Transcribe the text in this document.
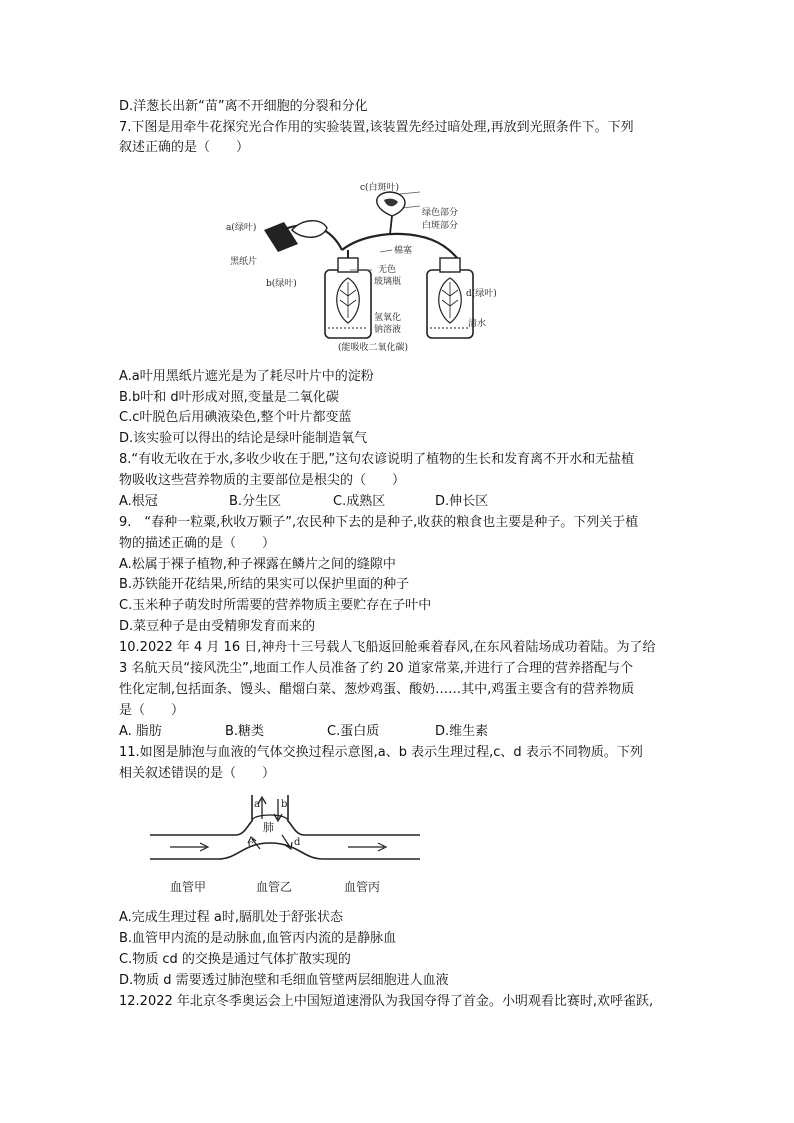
D.洋葱长出新“苗”离不开细胞的分裂和分化
7.下图是用牵牛花探究光合作用的实验装置,该装置先经过暗处理,再放到光照条件下。下列
叙述正确的是（　　）
c(白斑叶)
绿色部分
白斑部分
a(绿叶)
黑纸片
棉塞
无色
玻璃瓶
b(绿叶)
d(绿叶)
氢氧化
钠溶液
清水
(能吸收二氧化碳)
A.a叶用黑纸片遮光是为了耗尽叶片中的淀粉
B.b叶和 d叶形成对照,变量是二氧化碳
C.c叶脱色后用碘液染色,整个叶片都变蓝
D.该实验可以得出的结论是绿叶能制造氧气
8.“有收无收在于水,多收少收在于肥,”这句农谚说明了植物的生长和发育离不开水和无盐植
物吸收这些营养物质的主要部位是根尖的（　　）
A.根冠	B.分生区	C.成熟区	D.伸长区
9.　“春种一粒粟,秋收万颗子”,农民种下去的是种子,收获的粮食也主要是种子。下列关于植
物的描述正确的是（　　）
A.松属于裸子植物,种子裸露在鳞片之间的缝隙中
B.苏铁能开花结果,所结的果实可以保护里面的种子
C.玉米种子萌发时所需要的营养物质主要贮存在子叶中
D.菜豆种子是由受精卵发育而来的
10.2022 年 4 月 16 日,神舟十三号载人飞船返回舱乘着春风,在东风着陆场成功着陆。为了给
3 名航天员“接风洗尘”,地面工作人员准备了约 20 道家常菜,并进行了合理的营养搭配与个
性化定制,包括面条、馒头、醋熘白菜、葱炒鸡蛋、酸奶……其中,鸡蛋主要含有的营养物质
是（　　）
A. 脂肪	B.糖类	C.蛋白质	D.维生素
11.如图是肺泡与血液的气体交换过程示意图,a、b 表示生理过程,c、d 表示不同物质。下列
相关叙述错误的是（　　）
a b
肺
c	d
血管甲	血管乙	血管丙
A.完成生理过程 a时,膈肌处于舒张状态
B.血管甲内流的是动脉血,血管丙内流的是静脉血
C.物质 cd 的交换是通过气体扩散实现的
D.物质 d 需要透过肺泡壁和毛细血管壁两层细胞进人血液
12.2022 年北京冬季奥运会上中国短道速滑队为我国夺得了首金。小明观看比赛时,欢呼雀跃,
